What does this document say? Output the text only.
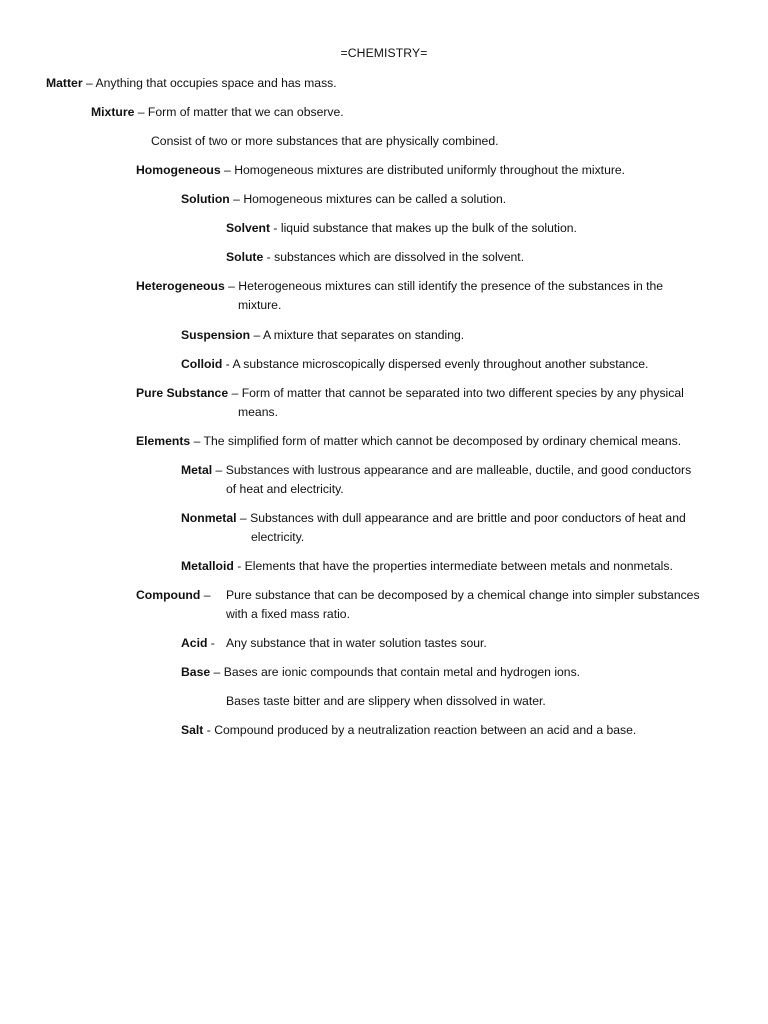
=CHEMISTRY=
Matter – Anything that occupies space and has mass.
Mixture – Form of matter that we can observe.
Consist of two or more substances that are physically combined.
Homogeneous – Homogeneous mixtures are distributed uniformly throughout the mixture.
Solution – Homogeneous mixtures can be called a solution.
Solvent - liquid substance that makes up the bulk of the solution.
Solute - substances which are dissolved in the solvent.
Heterogeneous – Heterogeneous mixtures can still identify the presence of the substances in the
mixture.
Suspension – A mixture that separates on standing.
Colloid - A substance microscopically dispersed evenly throughout another substance.
Pure Substance – Form of matter that cannot be separated into two different species by any physical
means.
Elements – The simplified form of matter which cannot be decomposed by ordinary chemical means.
Metal – Substances with lustrous appearance and are malleable, ductile, and good conductors
of heat and electricity.
Nonmetal – Substances with dull appearance and are brittle and poor conductors of heat and
electricity.
Metalloid - Elements that have the properties intermediate between metals and nonmetals.
Compound – Pure substance that can be decomposed by a chemical change into simpler substances
with a fixed mass ratio.
Acid - Any substance that in water solution tastes sour.
Base – Bases are ionic compounds that contain metal and hydrogen ions.
Bases taste bitter and are slippery when dissolved in water.
Salt - Compound produced by a neutralization reaction between an acid and a base.
